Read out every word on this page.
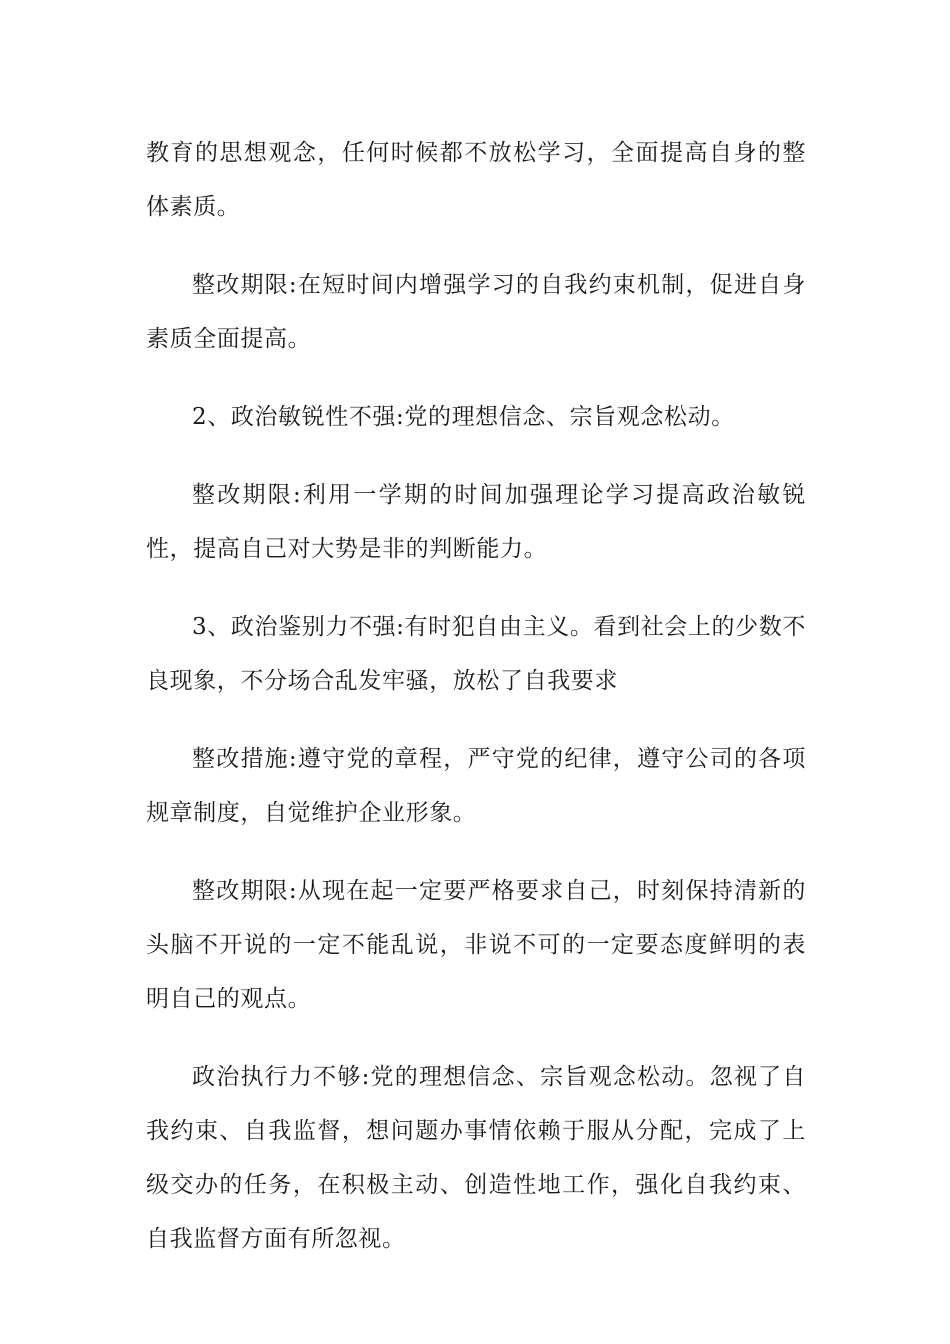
教育的思想观念，任何时候都不放松学习，全面提高自身的整体素质。

整改期限:在短时间内增强学习的自我约束机制，促进自身素质全面提高。

2、政治敏锐性不强:党的理想信念、宗旨观念松动。

整改期限:利用一学期的时间加强理论学习提高政治敏锐性，提高自己对大势是非的判断能力。

3、政治鉴别力不强:有时犯自由主义。看到社会上的少数不良现象，不分场合乱发牢骚，放松了自我要求

整改措施:遵守党的章程，严守党的纪律，遵守公司的各项规章制度，自觉维护企业形象。

整改期限:从现在起一定要严格要求自己，时刻保持清新的头脑不开说的一定不能乱说，非说不可的一定要态度鲜明的表明自己的观点。

政治执行力不够:党的理想信念、宗旨观念松动。忽视了自我约束、自我监督，想问题办事情依赖于服从分配，完成了上级交办的任务，在积极主动、创造性地工作，强化自我约束、自我监督方面有所忽视。
